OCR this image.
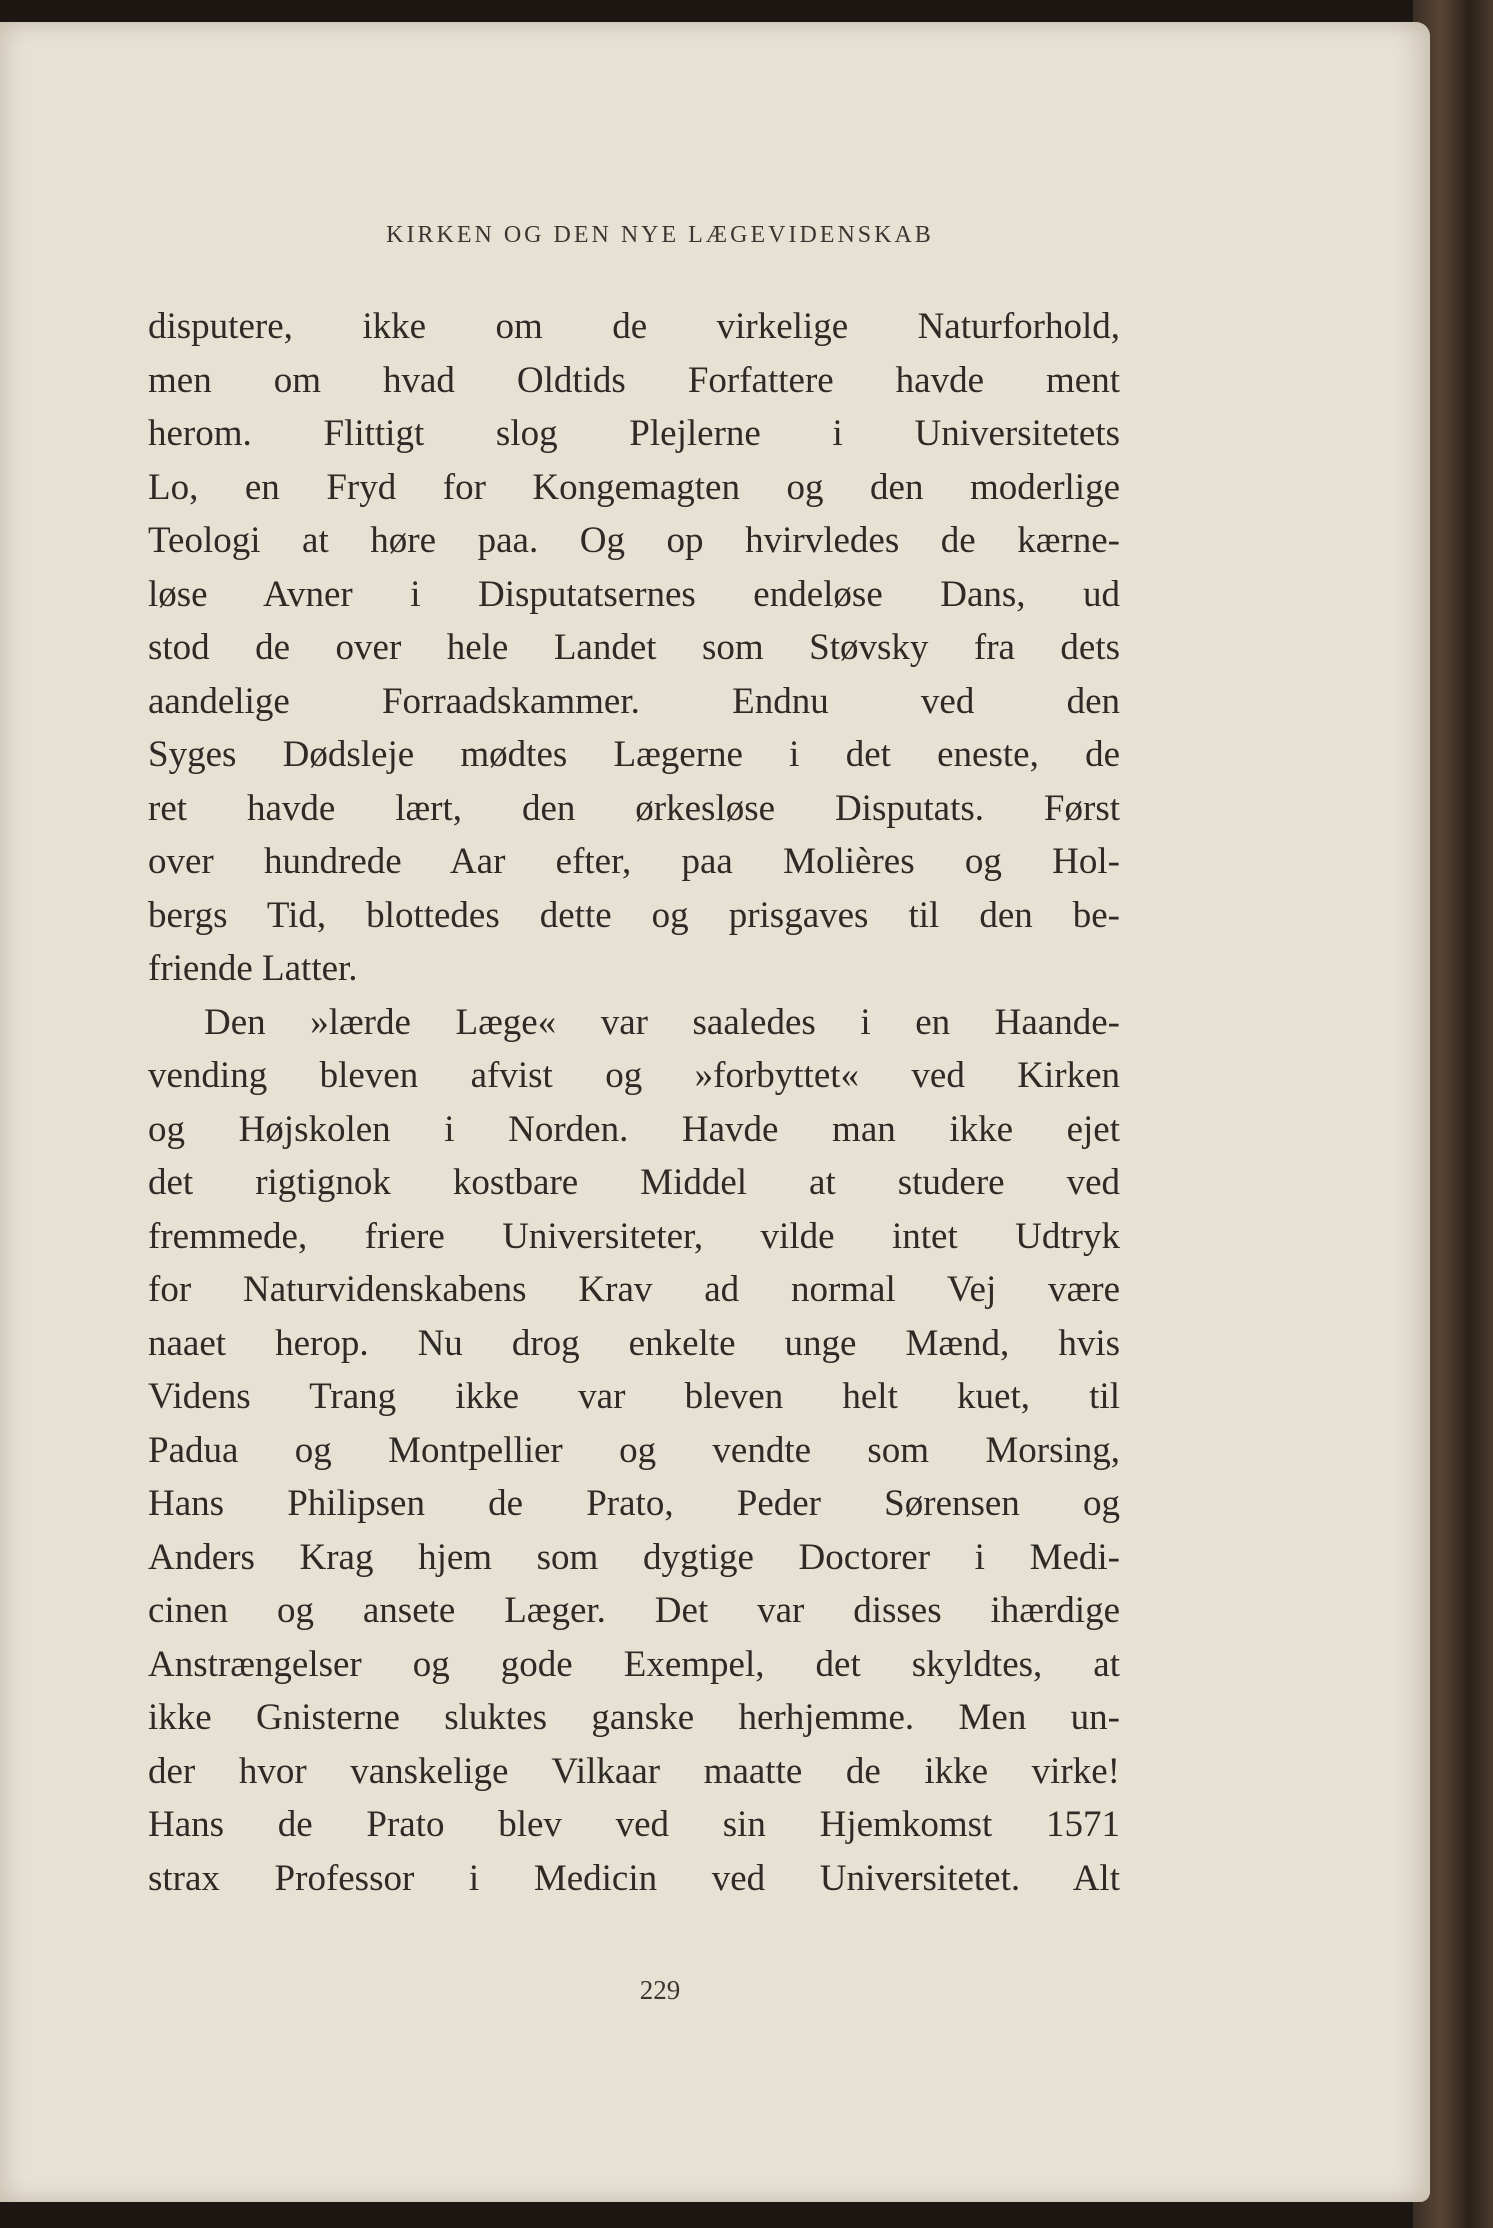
KIRKEN OG DEN NYE LÆGEVIDENSKAB
disputere, ikke om de virkelige Naturforhold,
men om hvad Oldtids Forfattere havde ment
herom. Flittigt slog Plejlerne i Universitetets
Lo, en Fryd for Kongemagten og den moderlige
Teologi at høre paa. Og op hvirvledes de kærne-
løse Avner i Disputatsernes endeløse Dans, ud
stod de over hele Landet som Støvsky fra dets
aandelige Forraadskammer. Endnu ved den
Syges Dødsleje mødtes Lægerne i det eneste, de
ret havde lært, den ørkesløse Disputats. Først
over hundrede Aar efter, paa Molières og Hol-
bergs Tid, blottedes dette og prisgaves til den be-
friende Latter.
Den »lærde Læge« var saaledes i en Haande-
vending bleven afvist og »forbyttet« ved Kirken
og Højskolen i Norden. Havde man ikke ejet
det rigtignok kostbare Middel at studere ved
fremmede, friere Universiteter, vilde intet Udtryk
for Naturvidenskabens Krav ad normal Vej være
naaet herop. Nu drog enkelte unge Mænd, hvis
Videns Trang ikke var bleven helt kuet, til
Padua og Montpellier og vendte som Morsing,
Hans Philipsen de Prato, Peder Sørensen og
Anders Krag hjem som dygtige Doctorer i Medi-
cinen og ansete Læger. Det var disses ihærdige
Anstrængelser og gode Exempel, det skyldtes, at
ikke Gnisterne sluktes ganske herhjemme. Men un-
der hvor vanskelige Vilkaar maatte de ikke virke!
Hans de Prato blev ved sin Hjemkomst 1571
strax Professor i Medicin ved Universitetet. Alt
229
